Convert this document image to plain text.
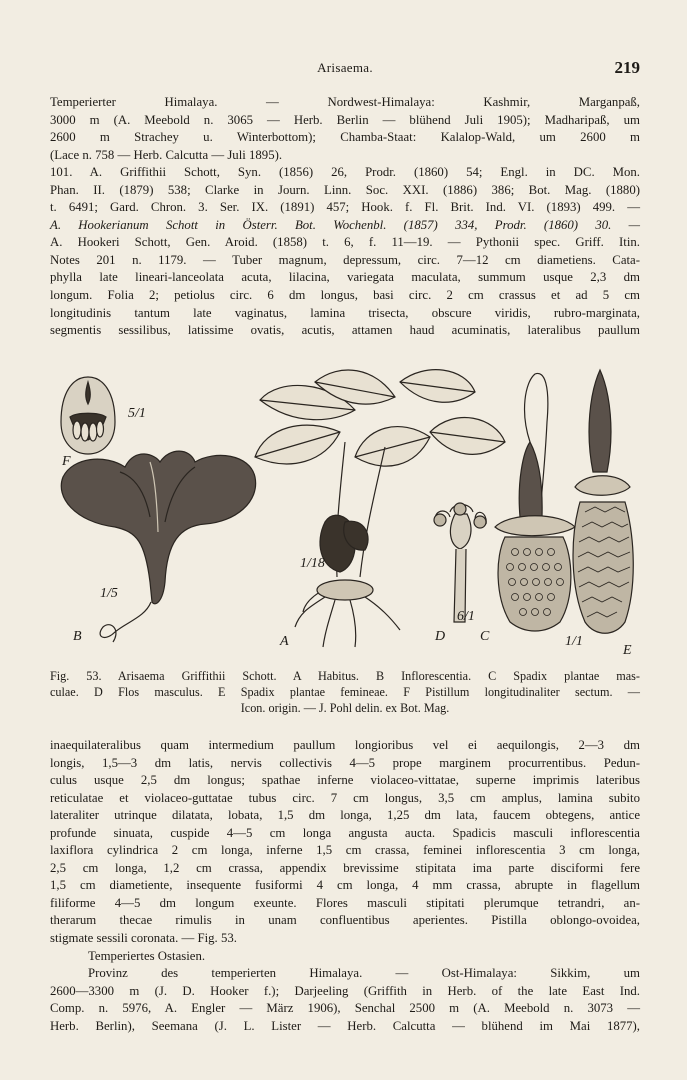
Arisaema.	219
Temperierter Himalaya. — Nordwest-Himalaya: Kashmir, Marganpaß,
3000 m (A. Meebold n. 3065 — Herb. Berlin — blühend Juli 1905); Madharipaß, um
2600 m Strachey u. Winterbottom); Chamba-Staat: Kalalop-Wald, um 2600 m
(Lace n. 758 — Herb. Calcutta — Juli 1895).
101. A. Griffithii Schott, Syn. (1856) 26, Prodr. (1860) 54; Engl. in DC. Mon.
Phan. II. (1879) 538; Clarke in Journ. Linn. Soc. XXI. (1886) 386; Bot. Mag. (1880)
t. 6491; Gard. Chron. 3. Ser. IX. (1891) 457; Hook. f. Fl. Brit. Ind. VI. (1893) 499. —
A. Hookerianum Schott in Österr. Bot. Wochenbl. (1857) 334, Prodr. (1860) 30. —
A. Hookeri Schott, Gen. Aroid. (1858) t. 6, f. 11—19. — Pythonii spec. Griff. Itin.
Notes 201 n. 1179. — Tuber magnum, depressum, circ. 7—12 cm diametiens. Cata-
phylla late lineari-lanceolata acuta, lilacina, variegata maculata, summum usque 2,3 dm
longum. Folia 2; petiolus circ. 6 dm longus, basi circ. 2 cm crassus et ad 5 cm
longitudinis tantum late vaginatus, lamina trisecta, obscure viridis, rubro-marginata,
segmentis sessilibus, latissime ovatis, acutis, attamen haud acuminatis, lateralibus paullum
F
5/1
1/18
1/5
B	A
6/1
D C	1/1
E
Fig. 53. Arisaema Griffithii Schott. A Habitus. B Inflorescentia. C Spadix plantae mas-
culae. D Flos masculus. E Spadix plantae femineae. F Pistillum longitudinaliter sectum. —
Icon. origin. — J. Pohl delin. ex Bot. Mag.
inaequilateralibus quam intermedium paullum longioribus vel ei aequilongis, 2—3 dm
longis, 1,5—3 dm latis, nervis collectivis 4—5 prope marginem procurrentibus. Pedun-
culus usque 2,5 dm longus; spathae inferne violaceo-vittatae, superne imprimis lateribus
reticulatae et violaceo-guttatae tubus circ. 7 cm longus, 3,5 cm amplus, lamina subito
lateraliter utrinque dilatata, lobata, 1,5 dm longa, 1,25 dm lata, faucem obtegens, antice
profunde sinuata, cuspide 4—5 cm longa angusta aucta. Spadicis masculi inflorescentia
laxiflora cylindrica 2 cm longa, inferne 1,5 cm crassa, feminei inflorescentia 3 cm longa,
2,5 cm longa, 1,2 cm crassa, appendix brevissime stipitata ima parte disciformi fere
1,5 cm diametiente, insequente fusiformi 4 cm longa, 4 mm crassa, abrupte in flagellum
filiforme 4—5 dm longum exeunte. Flores masculi stipitati plerumque tetrandri, an-
therarum thecae rimulis in unam confluentibus aperientes. Pistilla oblongo-ovoidea,
stigmate sessili coronata. — Fig. 53.
Temperiertes Ostasien.
Provinz des temperierten Himalaya. — Ost-Himalaya: Sikkim, um
2600—3300 m (J. D. Hooker f.); Darjeeling (Griffith in Herb. of the late East Ind.
Comp. n. 5976, A. Engler — März 1906), Senchal 2500 m (A. Meebold n. 3073 —
Herb. Berlin), Seemana (J. L. Lister — Herb. Calcutta — blühend im Mai 1877),
